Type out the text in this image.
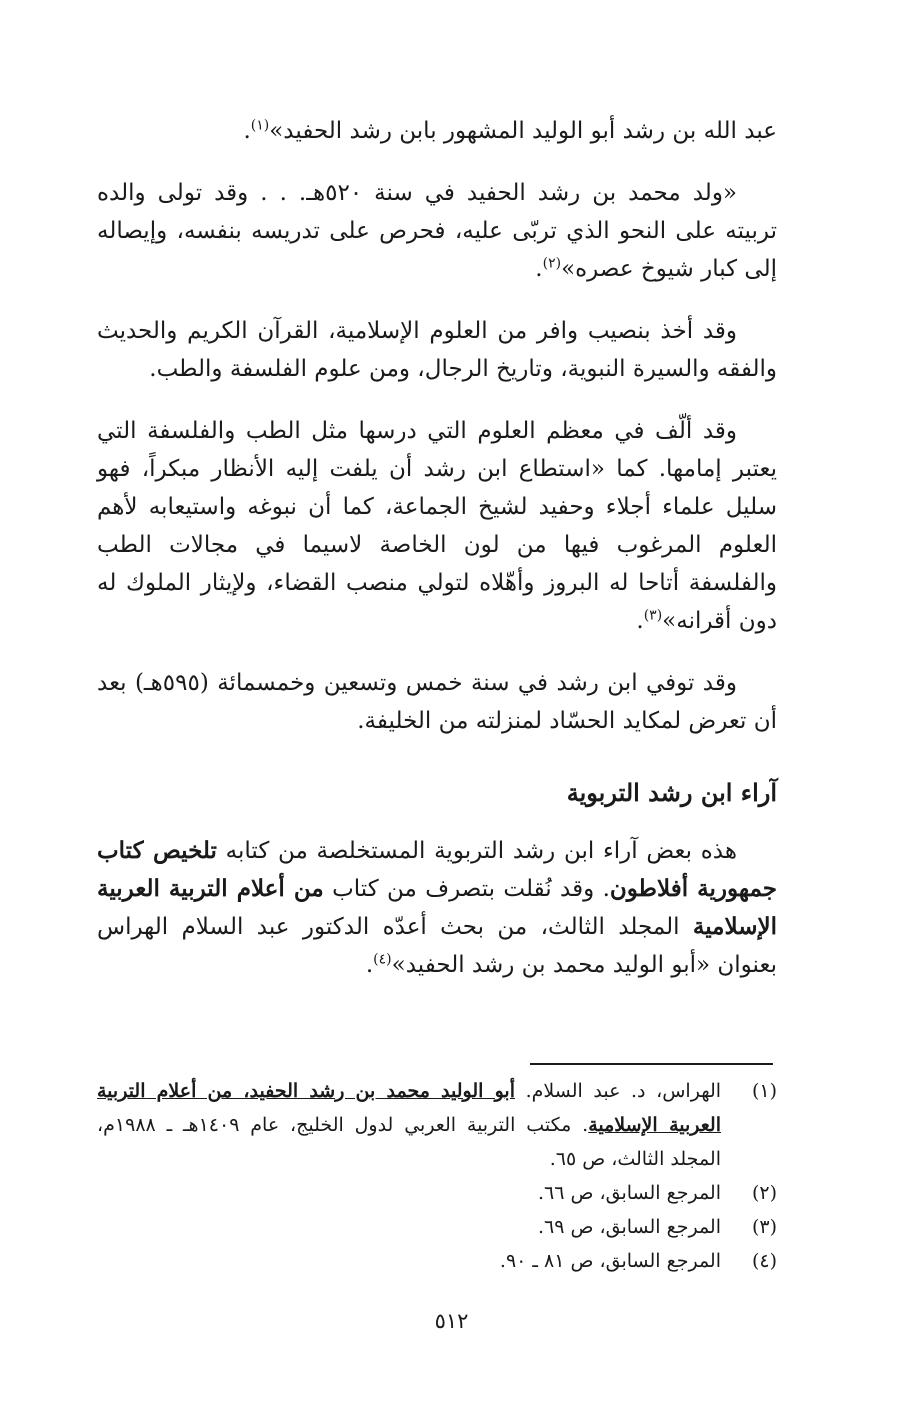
عبد الله بن رشد أبو الوليد المشهور بابن رشد الحفيد»$^{(١)}$.

«ولد محمد بن رشد الحفيد في سنة ٥٢٠هـ. . . وقد تولى والده تربيته على النحو الذي تربّى عليه، فحرص على تدريسه بنفسه، وإيصاله إلى كبار شيوخ عصره»$^{(٢)}$.

وقد أخذ بنصيب وافر من العلوم الإسلامية، القرآن الكريم والحديث والفقه والسيرة النبوية، وتاريخ الرجال، ومن علوم الفلسفة والطب.

وقد ألّف في معظم العلوم التي درسها مثل الطب والفلسفة التي يعتبر إمامها. كما «استطاع ابن رشد أن يلفت إليه الأنظار مبكراً، فهو سليل علماء أجلاء وحفيد لشيخ الجماعة، كما أن نبوغه واستيعابه لأهم العلوم المرغوب فيها من لون الخاصة لاسيما في مجالات الطب والفلسفة أتاحا له البروز وأهّلاه لتولي منصب القضاء، ولإيثار الملوك له دون أقرانه»$^{(٣)}$.

وقد توفي ابن رشد في سنة خمس وتسعين وخمسمائة (٥٩٥هـ) بعد أن تعرض لمكايد الحسّاد لمنزلته من الخليفة.

آراء ابن رشد التربوية

هذه بعض آراء ابن رشد التربوية المستخلصة من كتابه تلخيص كتاب جمهورية أفلاطون. وقد نُقلت بتصرف من كتاب من أعلام التربية العربية الإسلامية المجلد الثالث، من بحث أعدّه الدكتور عبد السلام الهراس بعنوان «أبو الوليد محمد بن رشد الحفيد»$^{(٤)}$.

(١)
الهراس، د. عبد السلام. أبو الوليد محمد بن رشد الحفيد، من أعلام التربية العربية الإسلامية. مكتب التربية العربي لدول الخليج، عام ١٤٠٩هـ ـ ١٩٨٨م، المجلد الثالث، ص ٦٥.
(٢)
المرجع السابق، ص ٦٦.
(٣)
المرجع السابق، ص ٦٩.
(٤)
المرجع السابق، ص ٨١ ـ ٩٠.
٥١٢
